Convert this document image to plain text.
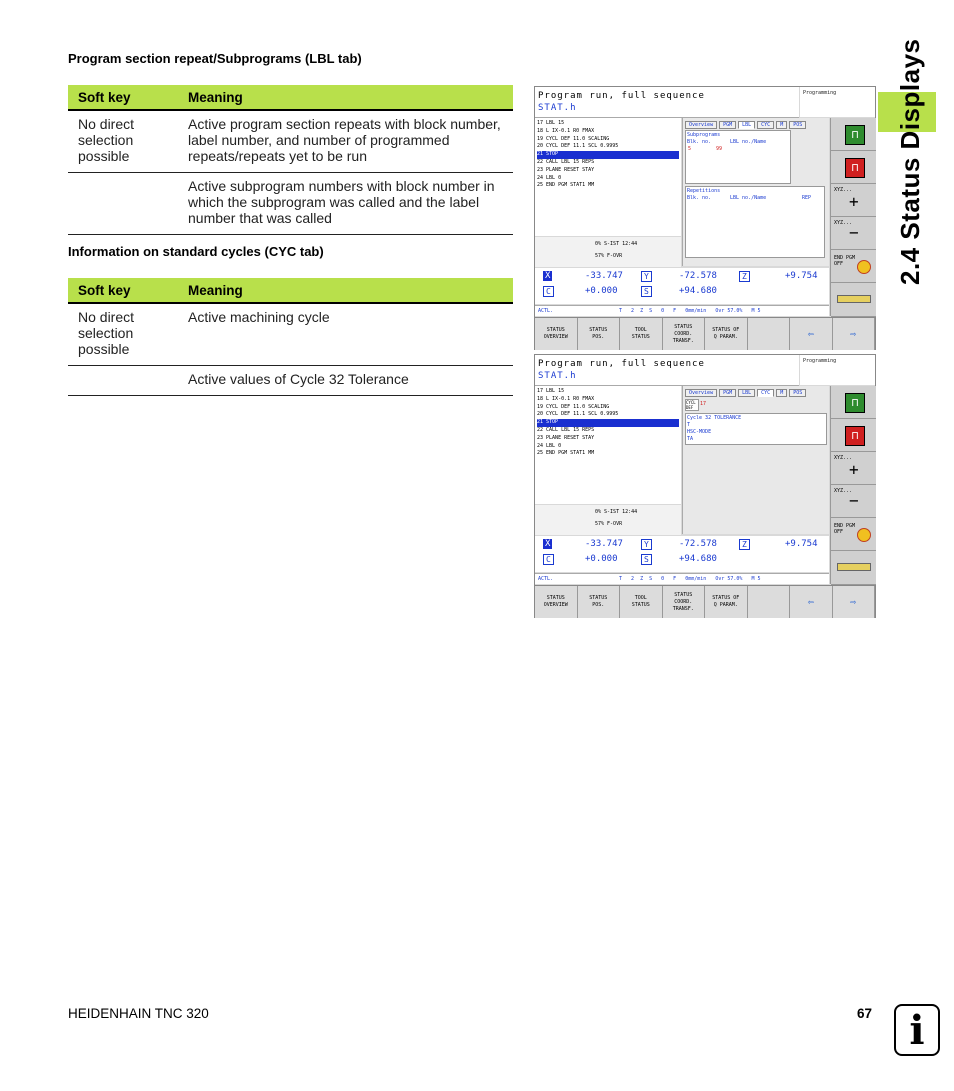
Program section repeat/Subprograms (LBL tab)
Soft key	Meaning
No direct selection possible	Active program section repeats with block number, label number, and number of programmed repeats/repeats yet to be run
	Active subprogram numbers with block number in which the subprogram was called and the label number that was called
Information on standard cycles (CYC tab)
Soft key	Meaning
No direct selection possible	Active machining cycle
	Active values of Cycle 32 Tolerance
2.4 Status Displays
Program run, full sequence
STAT.h
Programming
17 LBL 15
18 L IX-0.1 R0 FMAX
19 CYCL DEF 11.0 SCALING
20 CYCL DEF 11.1 SCL 0.9995
21 STOP
22 CALL LBL 15 REPS
23 PLANE RESET STAY
24 LBL 0
25 END PGM STAT1 MM
Overview	PGM	LBL	CYC	M	POS
Subprograms
Blk. no.	LBL no./Name
5	99
Repetitions
Blk. no.	LBL no./Name	REP
0% S-IST 12:44
57% F-OVR
X	-33.747	Y	-72.578	Z	+9.754
C	+0.000	S	+94.680
ACTL.	T   2  Z  S   0   F   0mm/min   Ovr 57.0%   M 5
⊓
⊓
XYZ...
+
XYZ...
−
END PGM
OFF
STATUS
OVERVIEW
STATUS
POS.
TOOL
STATUS
STATUS
COORD.
TRANSF.
STATUS OF
Q PARAM.	⇦	⇨
Program run, full sequence
STAT.h
Programming
17 LBL 15
18 L IX-0.1 R0 FMAX
19 CYCL DEF 11.0 SCALING
20 CYCL DEF 11.1 SCL 0.9995
21 STOP
22 CALL LBL 15 REPS
23 PLANE RESET STAY
24 LBL 0
25 END PGM STAT1 MM
Overview	PGM	LBL	CYC	M	POS
CYCL
DEF
17
Cycle 32 TOLERANCE
T
HSC-MODE
TA
0% S-IST 12:44
57% F-OVR
X	-33.747	Y	-72.578	Z	+9.754
C	+0.000	S	+94.680
ACTL.	T   2  Z  S   0   F   0mm/min   Ovr 57.0%   M 5
⊓
⊓
XYZ...
+
XYZ...
−
END PGM
OFF
STATUS
OVERVIEW
STATUS
POS.
TOOL
STATUS
STATUS
COORD.
TRANSF.
STATUS OF
Q PARAM.	⇦	⇨
HEIDENHAIN TNC 320	67 i
